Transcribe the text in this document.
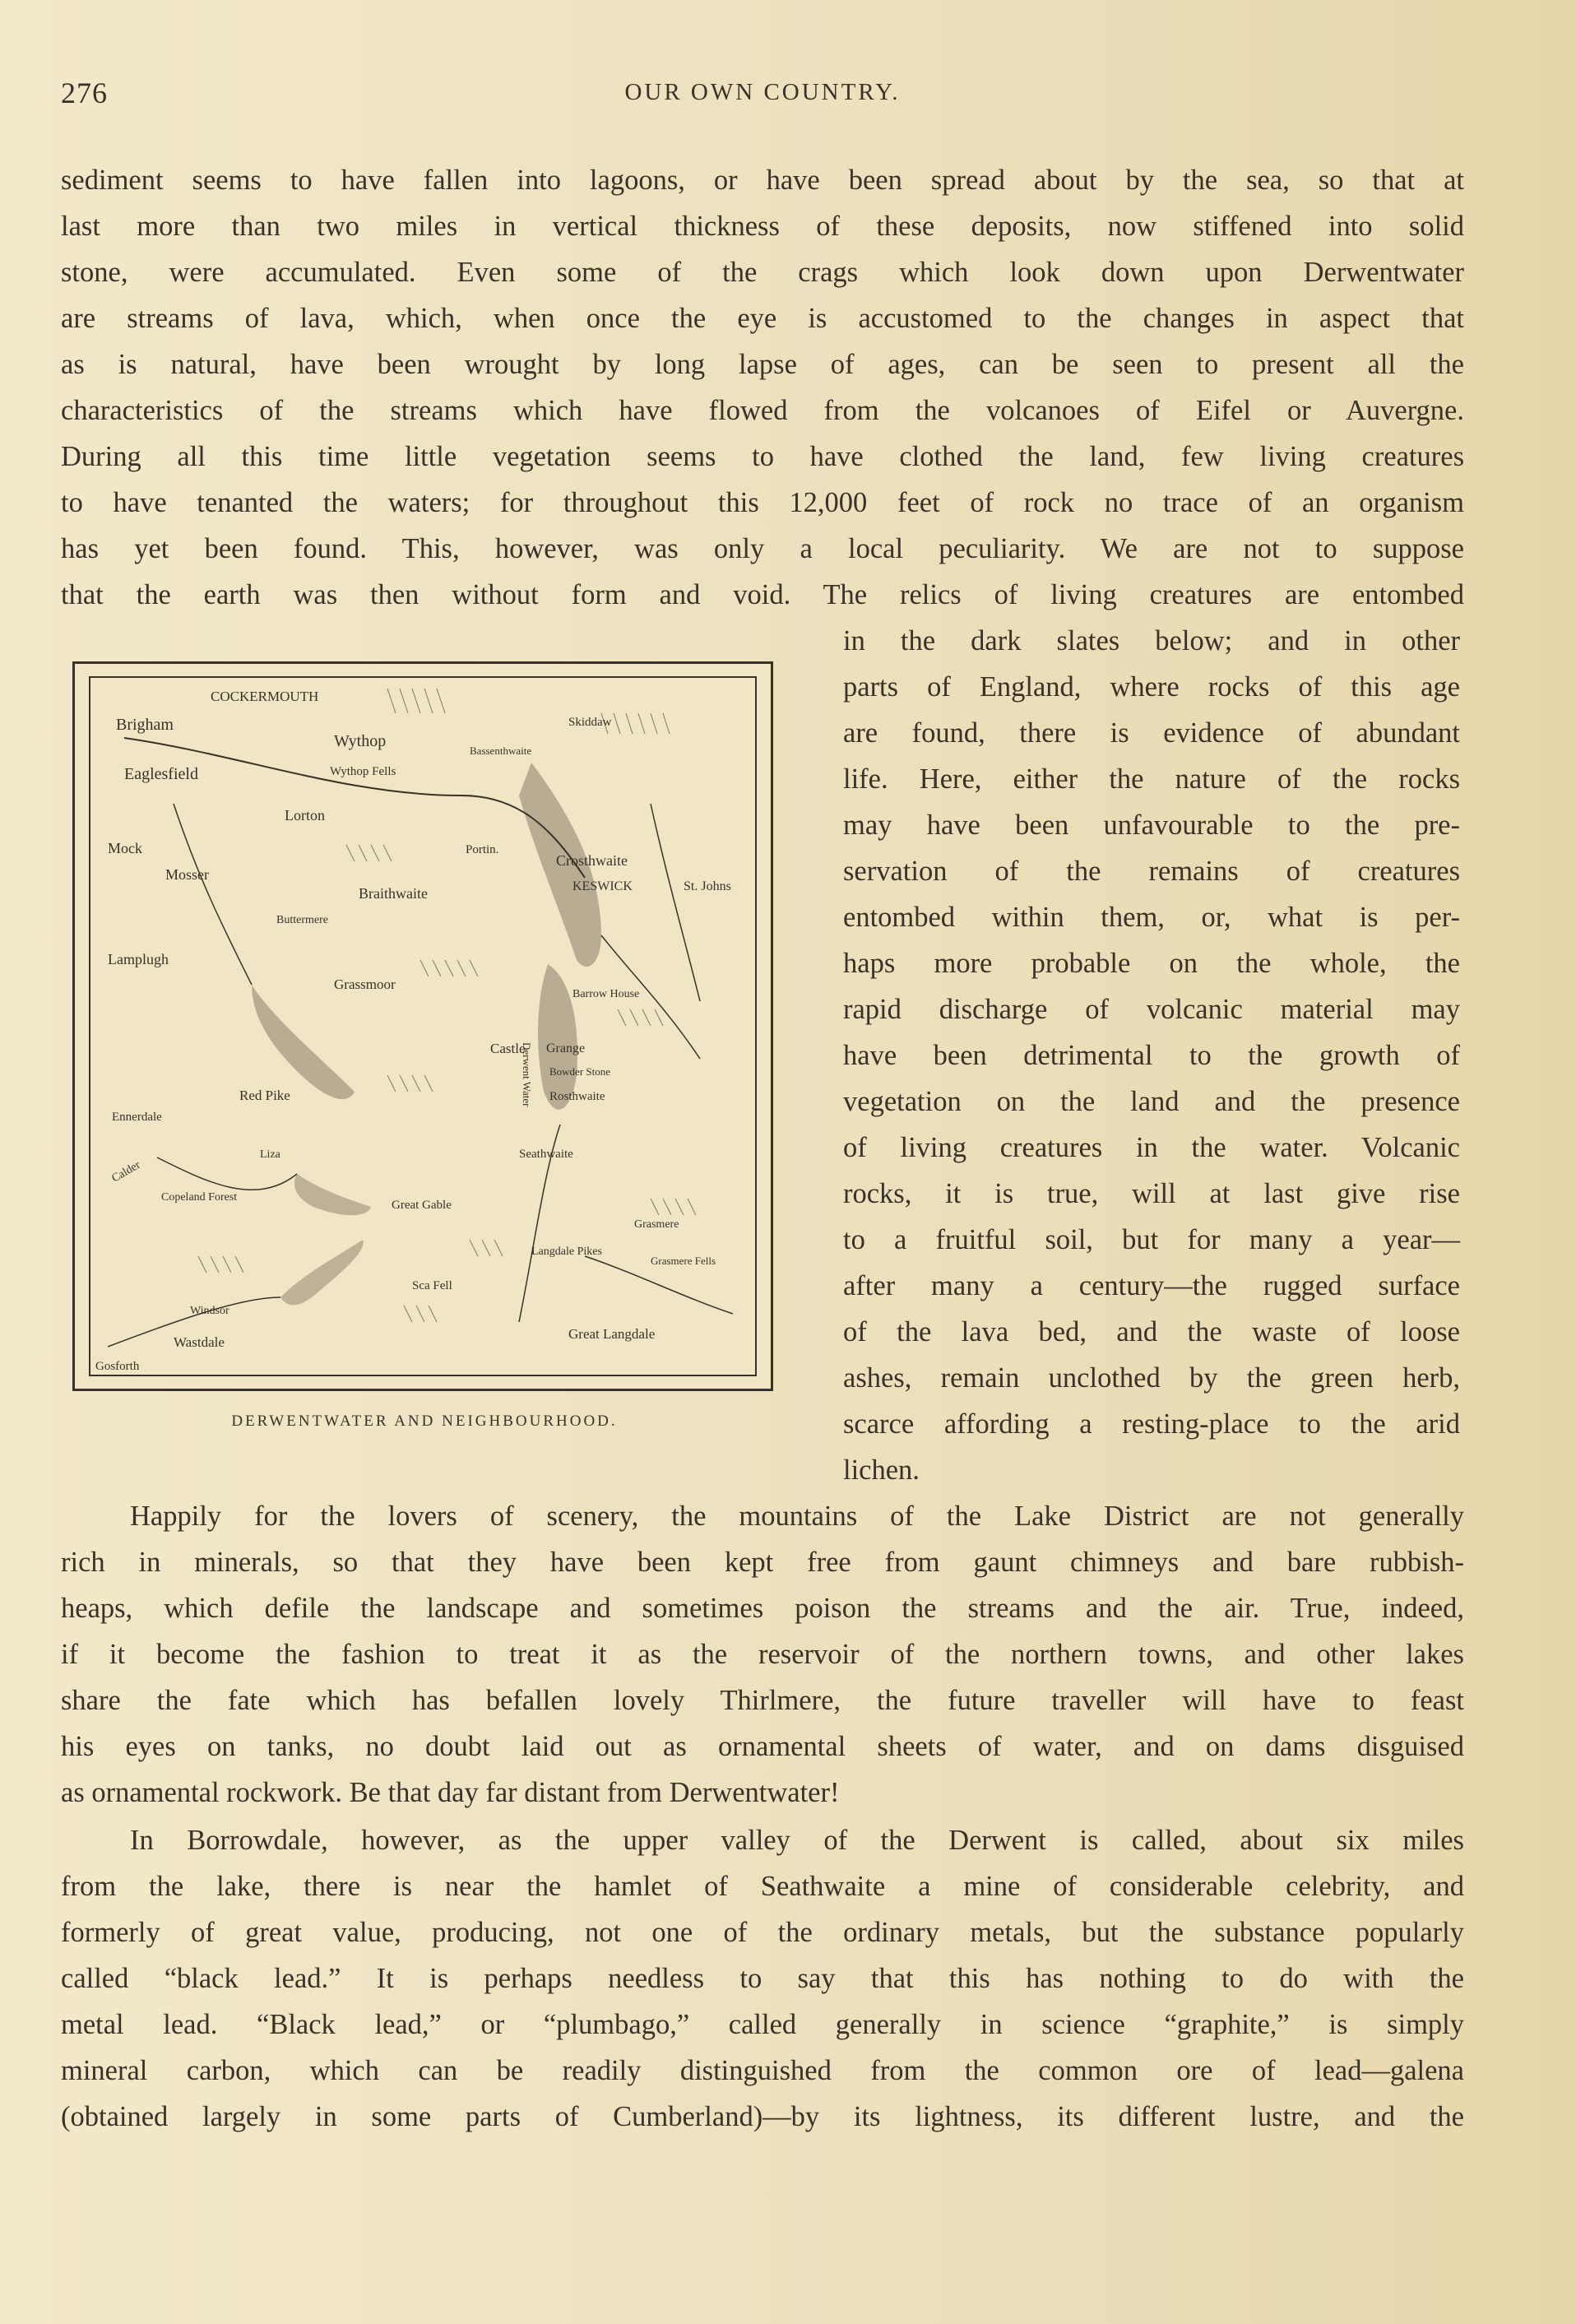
276	OUR OWN COUNTRY.

sediment seems to have fallen into lagoons, or have been spread about by the sea, so that at

last more than two miles in vertical thickness of these deposits, now stiffened into solid

stone, were accumulated. Even some of the crags which look down upon Derwentwater

are streams of lava, which, when once the eye is accustomed to the changes in aspect that

as is natural, have been wrought by long lapse of ages, can be seen to present all the

characteristics of the streams which have flowed from the volcanoes of Eifel or Auvergne.

During all this time little vegetation seems to have clothed the land, few living creatures

to have tenanted the waters; for throughout this 12,000 feet of rock no trace of an organism

has yet been found. This, however, was only a local peculiarity. We are not to suppose

that the earth was then without form and void. The relics of living creatures are entombed

in the dark slates below; and in other

parts of England, where rocks of this age

are found, there is evidence of abundant

life. Here, either the nature of the rocks

may have been unfavourable to the pre-

servation of the remains of creatures

entombed within them, or, what is per-

haps more probable on the whole, the

rapid discharge of volcanic material may

have been detrimental to the growth of

vegetation on the land and the presence

of living creatures in the water. Volcanic

rocks, it is true, will at last give rise

to a fruitful soil, but for many a year—

after many a century—the rugged surface

of the lava bed, and the waste of loose

ashes, remain unclothed by the green herb,

scarce affording a resting-place to the arid

lichen.

COCKERMOUTH
Brigham
Eaglesfield
Wythop
Wythop Fells
Skiddaw
Bassenthwaite
Lorton
Portin.
Crosthwaite
KESWICK	St. Johns
Mock
Mosser
Braithwaite
Buttermere
Lamplugh
Grassmoor
Barrow House
Derwent Water
Castle Grange
Bowder Stone
Rosthwaite
Red Pike
Ennerdale
Calder
Liza	Seathwaite
Copeland Forest
Great Gable
Grasmere
Langdale Pikes
Grasmere Fells
Sca Fell
Windsor
Wastdale
Gosforth
Great Langdale
DERWENTWATER AND NEIGHBOURHOOD.

Happily for the lovers of scenery, the mountains of the Lake District are not generally

rich in minerals, so that they have been kept free from gaunt chimneys and bare rubbish-

heaps, which defile the landscape and sometimes poison the streams and the air. True, indeed,

if it become the fashion to treat it as the reservoir of the northern towns, and other lakes

share the fate which has befallen lovely Thirlmere, the future traveller will have to feast

his eyes on tanks, no doubt laid out as ornamental sheets of water, and on dams disguised

as ornamental rockwork. Be that day far distant from Derwentwater!

In Borrowdale, however, as the upper valley of the Derwent is called, about six miles

from the lake, there is near the hamlet of Seathwaite a mine of considerable celebrity, and

formerly of great value, producing, not one of the ordinary metals, but the substance popularly

called “black lead.” It is perhaps needless to say that this has nothing to do with the

metal lead. “Black lead,” or “plumbago,” called generally in science “graphite,” is simply

mineral carbon, which can be readily distinguished from the common ore of lead—galena

(obtained largely in some parts of Cumberland)—by its lightness, its different lustre, and the
